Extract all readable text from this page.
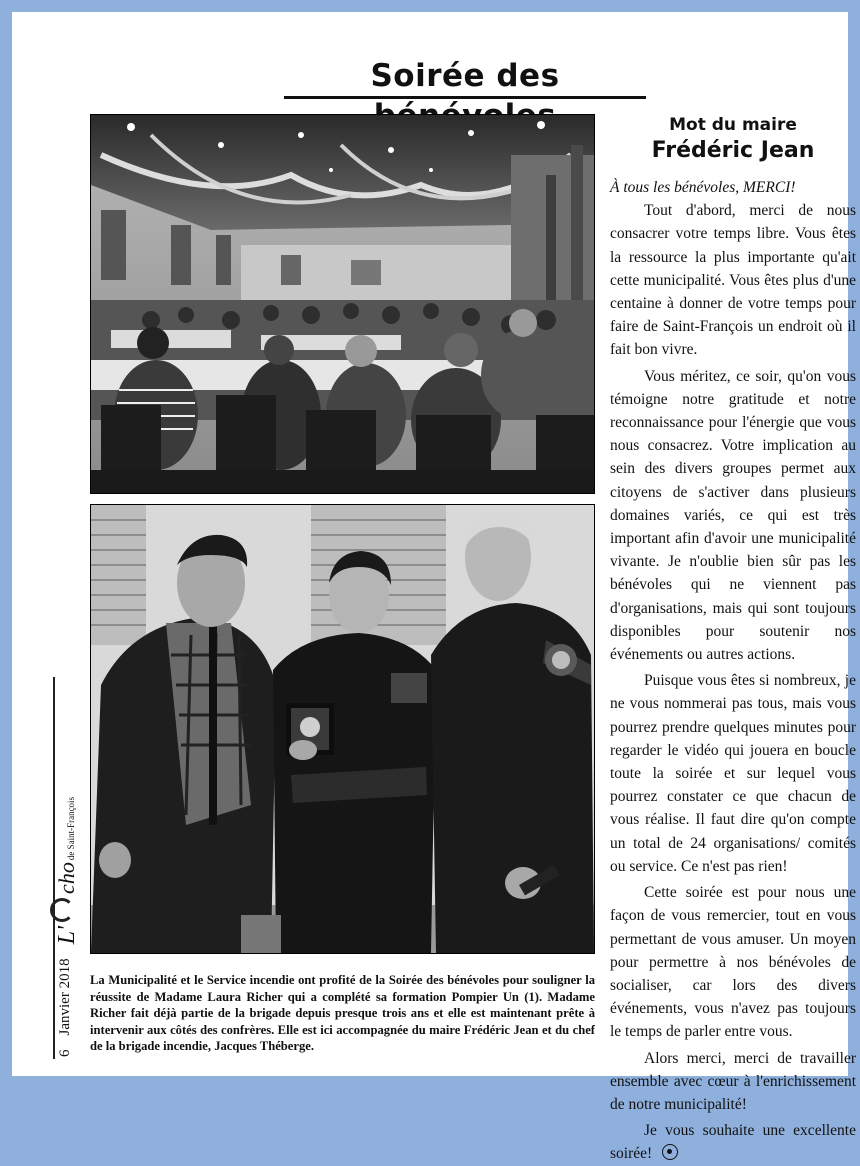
Soirée des
La Municipalité et le Service incendie ont profité de la Soirée des bénévoles pour souligner la réussite de Madame Laura Richer qui a complété sa formation Pompier Un (1). Madame Richer fait déjà partie de la brigade depuis presque trois ans et elle est maintenant prête à intervenir aux côtés des confrères. Elle est ici accompagnée du maire Frédéric Jean et du chef de la brigade incendie, Jacques Théberge.
Mot du maire
Frédéric Jean
À tous les bénévoles, MERCI!

Tout d'abord, merci de nous consacrer votre temps libre. Vous êtes la ressource la plus importante qu'ait cette municipalité. Vous êtes plus d'une centaine à donner de votre temps pour faire de Saint-François un endroit où il fait bon vivre.

Vous méritez, ce soir, qu'on vous témoigne notre gratitude et notre reconnaissance pour l'énergie que vous nous consacrez. Votre implication au sein des divers groupes permet aux citoyens de s'activer dans plusieurs domaines variés, ce qui est très important afin d'avoir une municipalité vivante. Je n'oublie bien sûr pas les bénévoles qui ne viennent pas d'organisations, mais qui sont toujours disponibles pour soutenir nos événements ou autres actions.

Puisque vous êtes si nombreux, je ne vous nommerai pas tous, mais vous pourrez prendre quelques minutes pour regarder le vidéo qui jouera en boucle toute la soirée et sur lequel vous pourrez constater ce que chacun de vous réalise. Il faut dire qu'on compte un total de 24 organisations/ comités ou service. Ce n'est pas rien!

Cette soirée est pour nous une façon de vous remercier, tout en vous permettant de vous amuser. Un moyen pour permettre à nos bénévoles de socialiser, car lors des divers événements, vous n'avez pas toujours le temps de parler entre vous.

Alors merci, merci de travailler ensemble avec cœur à l'enrichissement de notre municipalité!

Je vous souhaite une excellente soirée!

6
Janvier 2018
L'
cho
de Saint-François
